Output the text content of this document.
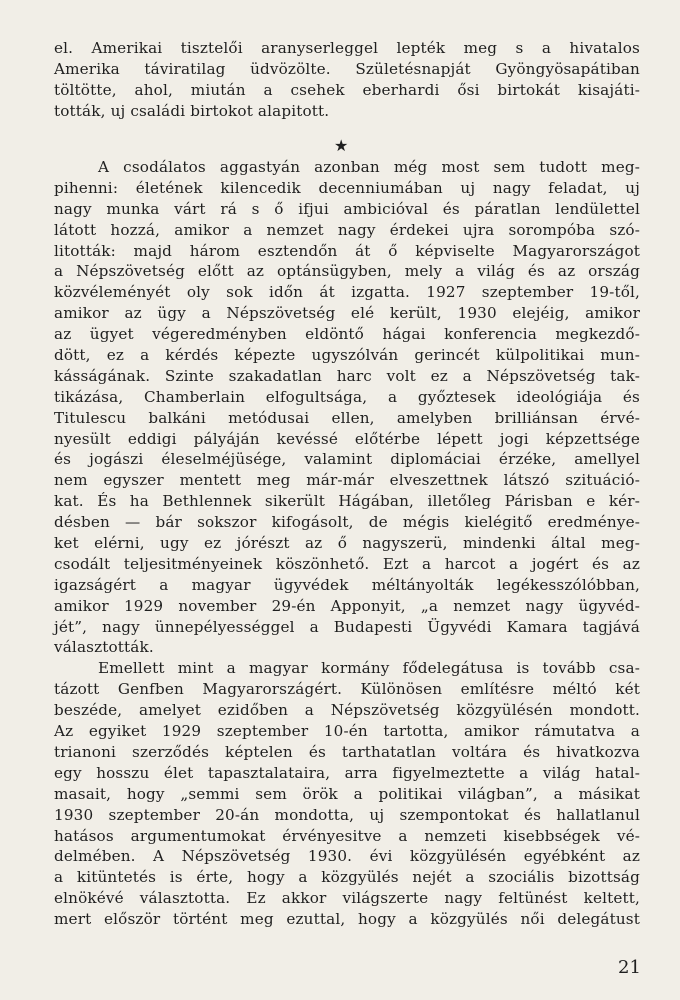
el. Amerikai tisztelői aranyserleggel lepték meg s a hivatalos
Amerika táviratilag üdvözölte. Születésnapját Gyöngyösapátiban
töltötte, ahol, miután a csehek eberhardi ősi birtokát kisajáti-
tották, uj családi birtokot alapitott.
★
A csodálatos aggastyán azonban még most sem tudott meg-
pihenni: életének kilencedik decenniumában uj nagy feladat, uj
nagy munka várt rá s ő ifjui ambicióval és páratlan lendülettel
látott hozzá, amikor a nemzet nagy érdekei ujra sorompóba szó-
litották: majd három esztendőn át ő képviselte Magyarországot
a Népszövetség előtt az optánsügyben, mely a világ és az ország
közvéleményét oly sok időn át izgatta. 1927 szeptember 19-től,
amikor az ügy a Népszövetség elé került, 1930 elejéig, amikor
az ügyet végeredményben eldöntő hágai konferencia megkezdő-
dött, ez a kérdés képezte ugyszólván gerincét külpolitikai mun-
kásságának. Szinte szakadatlan harc volt ez a Népszövetség tak-
tikázása, Chamberlain elfogultsága, a győztesek ideológiája és
Titulescu balkáni metódusai ellen, amelyben brilliánsan érvé-
nyesült eddigi pályáján kevéssé előtérbe lépett jogi képzettsége
és jogászi éleselméjüsége, valamint diplomáciai érzéke, amellyel
nem egyszer mentett meg már-már elveszettnek látszó szituáció-
kat. És ha Bethlennek sikerült Hágában, illetőleg Párisban e kér-
désben — bár sokszor kifogásolt, de mégis kielégitő eredménye-
ket elérni, ugy ez jórészt az ő nagyszerü, mindenki által meg-
csodált teljesitményeinek köszönhető. Ezt a harcot a jogért és az
igazságért a magyar ügyvédek méltányolták legékesszólóbban,
amikor 1929 november 29-én Apponyit, „a nemzet nagy ügyvéd-
jét”, nagy ünnepélyességgel a Budapesti Ügyvédi Kamara tagjává
választották.
Emellett mint a magyar kormány fődelegátusa is tovább csa-
tázott Genfben Magyarországért. Különösen említésre méltó két
beszéde, amelyet ezidőben a Népszövetség közgyülésén mondott.
Az egyiket 1929 szeptember 10-én tartotta, amikor rámutatva a
trianoni szerződés képtelen és tarthatatlan voltára és hivatkozva
egy hosszu élet tapasztalataira, arra figyelmeztette a világ hatal-
masait, hogy „semmi sem örök a politikai világban”, a másikat
1930 szeptember 20-án mondotta, uj szempontokat és hallatlanul
hatásos argumentumokat érvényesitve a nemzeti kisebbségek vé-
delmében. A Népszövetség 1930. évi közgyülésén egyébként az
a kitüntetés is érte, hogy a közgyülés nejét a szociális bizottság
elnökévé választotta. Ez akkor világszerte nagy feltünést keltett,
mert először történt meg ezuttal, hogy a közgyülés női delegátust
21
